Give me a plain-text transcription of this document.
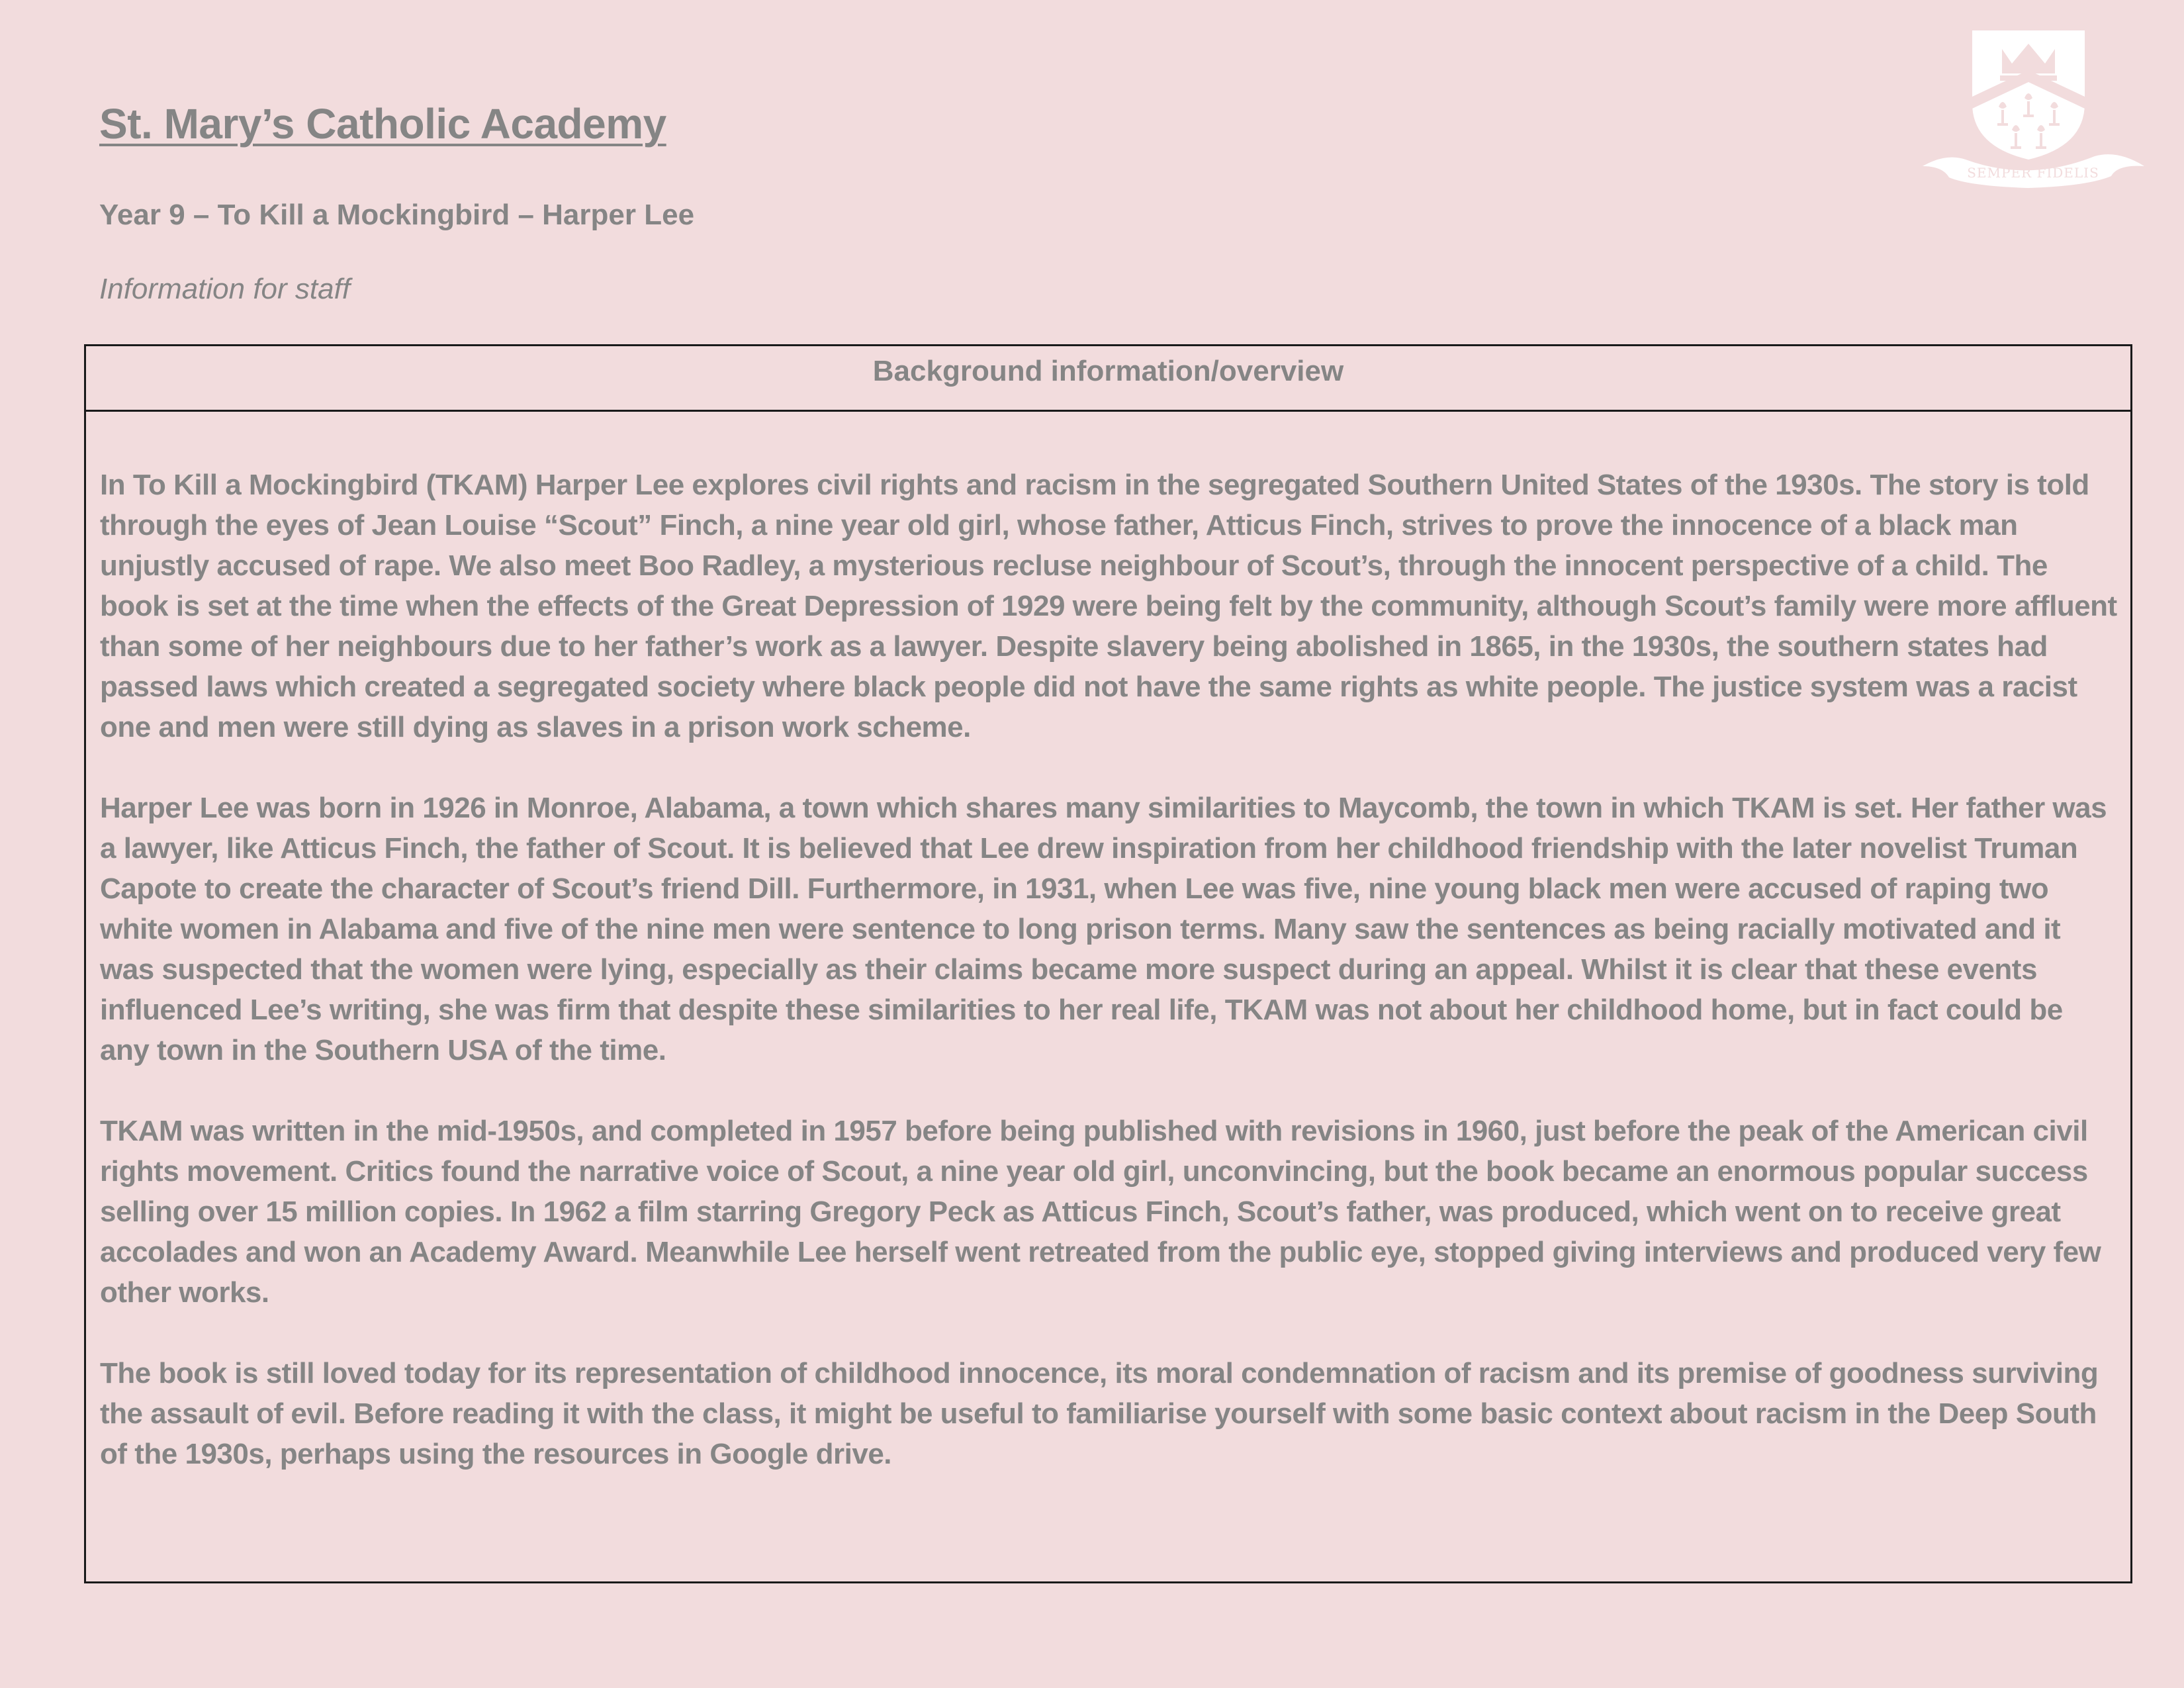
St. Mary’s Catholic Academy
Year 9 – To Kill a Mockingbird – Harper Lee
Information for staff
SEMPER FIDELIS
Background information/overview

In To Kill a Mockingbird (TKAM) Harper Lee explores civil rights and racism in the segregated Southern United States of the 1930s. The story is told through the eyes of Jean Louise “Scout” Finch, a nine year old girl, whose father, Atticus Finch, strives to prove the innocence of a black man unjustly accused of rape. We also meet Boo Radley, a mysterious recluse neighbour of Scout’s, through the innocent perspective of a child. The book is set at the time when the effects of the Great Depression of 1929 were being felt by the community, although Scout’s family were more affluent than some of her neighbours due to her father’s work as a lawyer. Despite slavery being abolished in 1865, in the 1930s, the southern states had passed laws which created a segregated society where black people did not have the same rights as white people. The justice system was a racist one and men were still dying as slaves in a prison work scheme.

Harper Lee was born in 1926 in Monroe, Alabama, a town which shares many similarities to Maycomb, the town in which TKAM is set. Her father was a lawyer, like Atticus Finch, the father of Scout. It is believed that Lee drew inspiration from her childhood friendship with the later novelist Truman Capote to create the character of Scout’s friend Dill. Furthermore, in 1931, when Lee was five, nine young black men were accused of raping two white women in Alabama and five of the nine men were sentence to long prison terms. Many saw the sentences as being racially motivated and it was suspected that the women were lying, especially as their claims became more suspect during an appeal. Whilst it is clear that these events influenced Lee’s writing, she was firm that despite these similarities to her real life, TKAM was not about her childhood home, but in fact could be any town in the Southern USA of the time.

TKAM was written in the mid-1950s, and completed in 1957 before being published with revisions in 1960, just before the peak of the American civil rights movement. Critics found the narrative voice of Scout, a nine year old girl, unconvincing, but the book became an enormous popular success selling over 15 million copies. In 1962 a film starring Gregory Peck as Atticus Finch, Scout’s father, was produced, which went on to receive great accolades and won an Academy Award. Meanwhile Lee herself went retreated from the public eye, stopped giving interviews and produced very few other works.

The book is still loved today for its representation of childhood innocence, its moral condemnation of racism and its premise of goodness surviving the assault of evil. Before reading it with the class, it might be useful to familiarise yourself with some basic context about racism in the Deep South of the 1930s, perhaps using the resources in Google drive.
